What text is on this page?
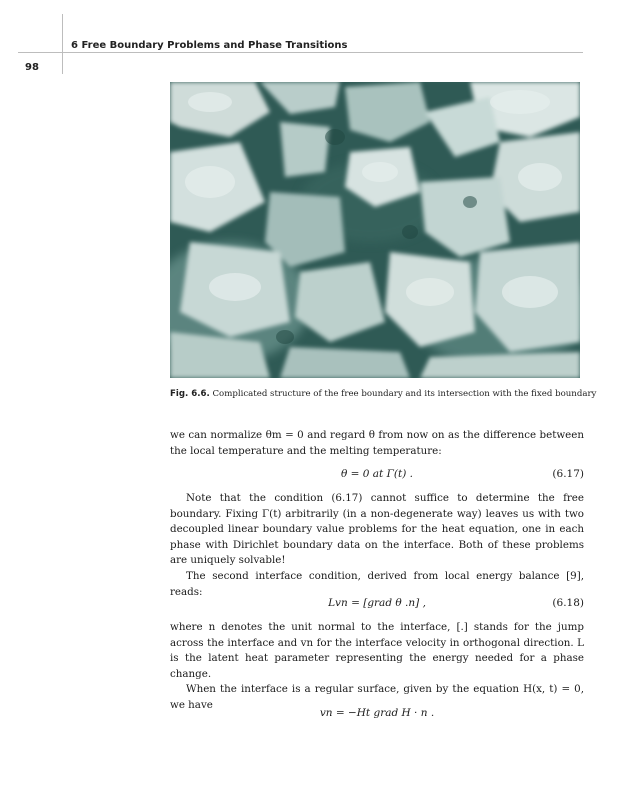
6 Free Boundary Problems and Phase Transitions
98
Fig. 6.6. Complicated structure of the free boundary and its intersection with the fixed boundary

we can normalize θm = 0 and regard θ from now on as the difference between the local temperature and the melting temperature:

θ = 0 at Γ(t) .	(6.17)

Note that the condition (6.17) cannot suffice to determine the free boundary. Fixing Γ(t) arbitrarily (in a non-degenerate way) leaves us with two decoupled linear boundary value problems for the heat equation, one in each phase with Dirichlet boundary data on the interface. Both of these problems are uniquely solvable!

The second interface condition, derived from local energy balance [9], reads:

Lvn = [grad θ .n] ,	(6.18)

where n denotes the unit normal to the interface, [.] stands for the jump across the interface and vn for the interface velocity in orthogonal direction. L is the latent heat parameter representing the energy needed for a phase change.

When the interface is a regular surface, given by the equation H(x, t) = 0, we have

vn = −Ht grad H · n .
